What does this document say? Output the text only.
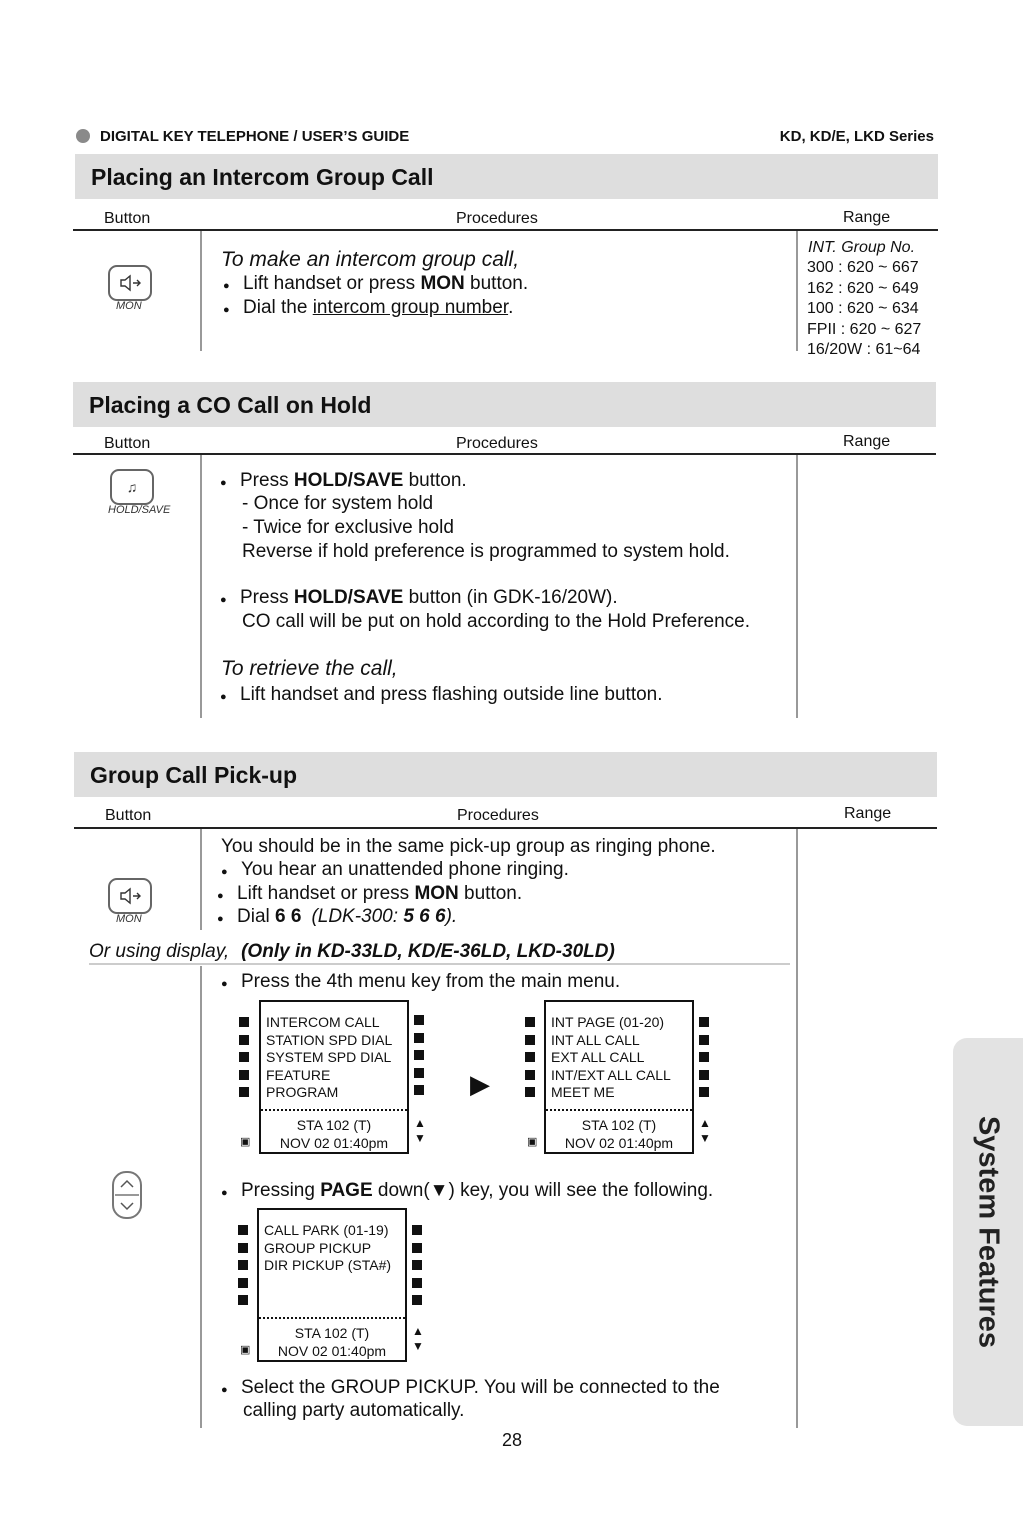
DIGITAL KEY TELEPHONE / USER’S GUIDE	KD, KD/E, LKD Series
Placing an Intercom Group Call
Button	Procedures	Range
MON
To make an intercom group call,
● Lift handset or press MON button.
● Dial the intercom group number.
INT. Group No.
300 : 620 ~ 667
162 : 620 ~ 649
100 : 620 ~ 634
FPII : 620 ~ 627
16/20W : 61~64
Placing a CO Call on Hold
Button	Procedures	Range
♫
HOLD/SAVE
● Press HOLD/SAVE button.
- Once for system hold
- Twice for exclusive hold
Reverse if hold preference is programmed to system hold.
● Press HOLD/SAVE button (in GDK-16/20W).
CO call will be put on hold according to the Hold Preference.
To retrieve the call,
● Lift handset and press flashing outside line button.
Group Call Pick-up
Button	Procedures	Range
MON
You should be in the same pick-up group as ringing phone.
● You hear an unattended phone ringing.
● Lift handset or press MON button.
● Dial 6 6 (LDK-300: 5 6 6).
Or using display, (Only in KD-33LD, KD/E-36LD, LKD-30LD)
● Press the 4th menu key from the main menu.
INTERCOM CALL
STATION SPD DIAL
SYSTEM SPD DIAL
FEATURE
PROGRAM
STA 102 (T)
NOV 02 01:40pm
▣
▲
▼
▶
INT PAGE (01-20)
INT ALL CALL
EXT ALL CALL
INT/EXT ALL CALL
MEET ME
STA 102 (T)
NOV 02 01:40pm
▣
▲
▼
● Pressing PAGE down(▼) key, you will see the following.
CALL PARK (01-19)
GROUP PICKUP
DIR PICKUP (STA#)
STA 102 (T)
NOV 02 01:40pm
▣
▲
▼
● Select the GROUP PICKUP. You will be connected to the
calling party automatically.
System Features
28
